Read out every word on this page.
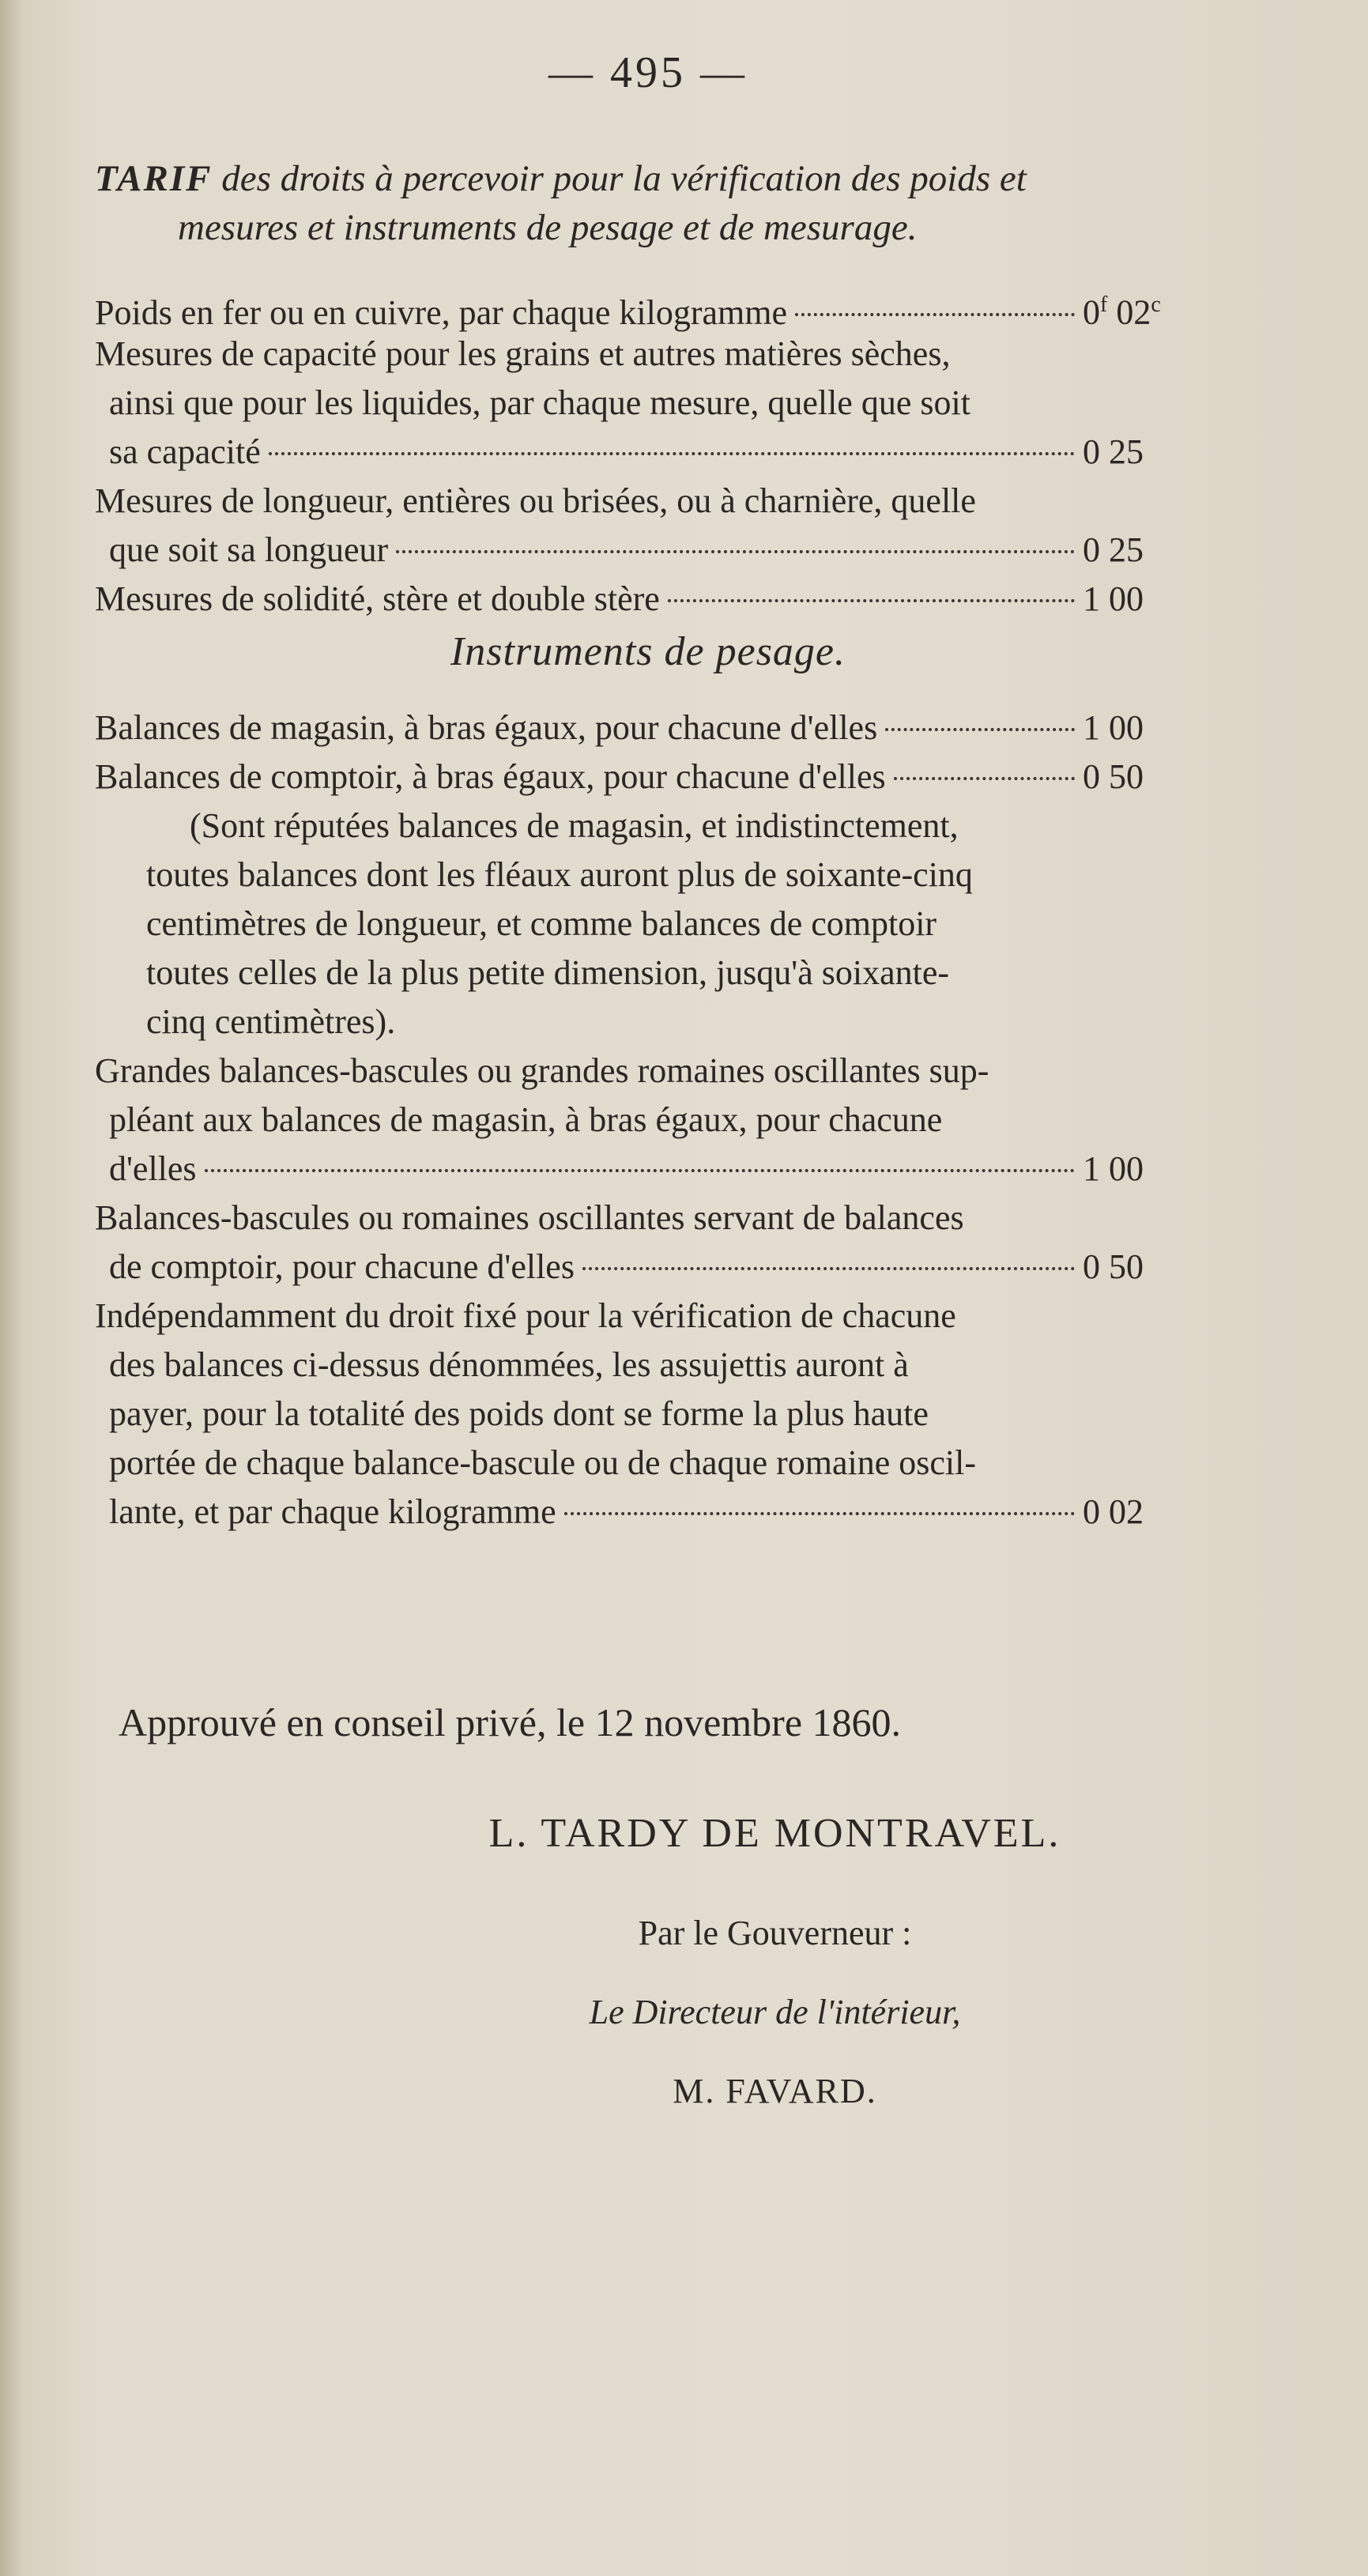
— 495 —
TARIF des droits à percevoir pour la vérification des poids et
mesures et instruments de pesage et de mesurage.
Poids en fer ou en cuivre, par chaque kilogramme	0$^f$ 02$^c$
Mesures de capacité pour les grains et autres matières sèches,
ainsi que pour les liquides, par chaque mesure, quelle que soit
sa capacité	0 25
Mesures de longueur, entières ou brisées, ou à charnière, quelle
que soit sa longueur	0 25
Mesures de solidité, stère et double stère	1 00
Instruments de pesage.
Balances de magasin, à bras égaux, pour chacune d'elles	1 00
Balances de comptoir, à bras égaux, pour chacune d'elles	0 50
(Sont réputées balances de magasin, et indistinctement,
toutes balances dont les fléaux auront plus de soixante-cinq
centimètres de longueur, et comme balances de comptoir
toutes celles de la plus petite dimension, jusqu'à soixante-
cinq centimètres).
Grandes balances-bascules ou grandes romaines oscillantes sup-
pléant aux balances de magasin, à bras égaux, pour chacune
d'elles	1 00
Balances-bascules ou romaines oscillantes servant de balances
de comptoir, pour chacune d'elles	0 50
Indépendamment du droit fixé pour la vérification de chacune
des balances ci-dessus dénommées, les assujettis auront à
payer, pour la totalité des poids dont se forme la plus haute
portée de chaque balance-bascule ou de chaque romaine oscil-
lante, et par chaque kilogramme	0 02
Approuvé en conseil privé, le 12 novembre 1860.
L. TARDY DE MONTRAVEL.
Par le Gouverneur :
Le Directeur de l'intérieur,
M. FAVARD.
